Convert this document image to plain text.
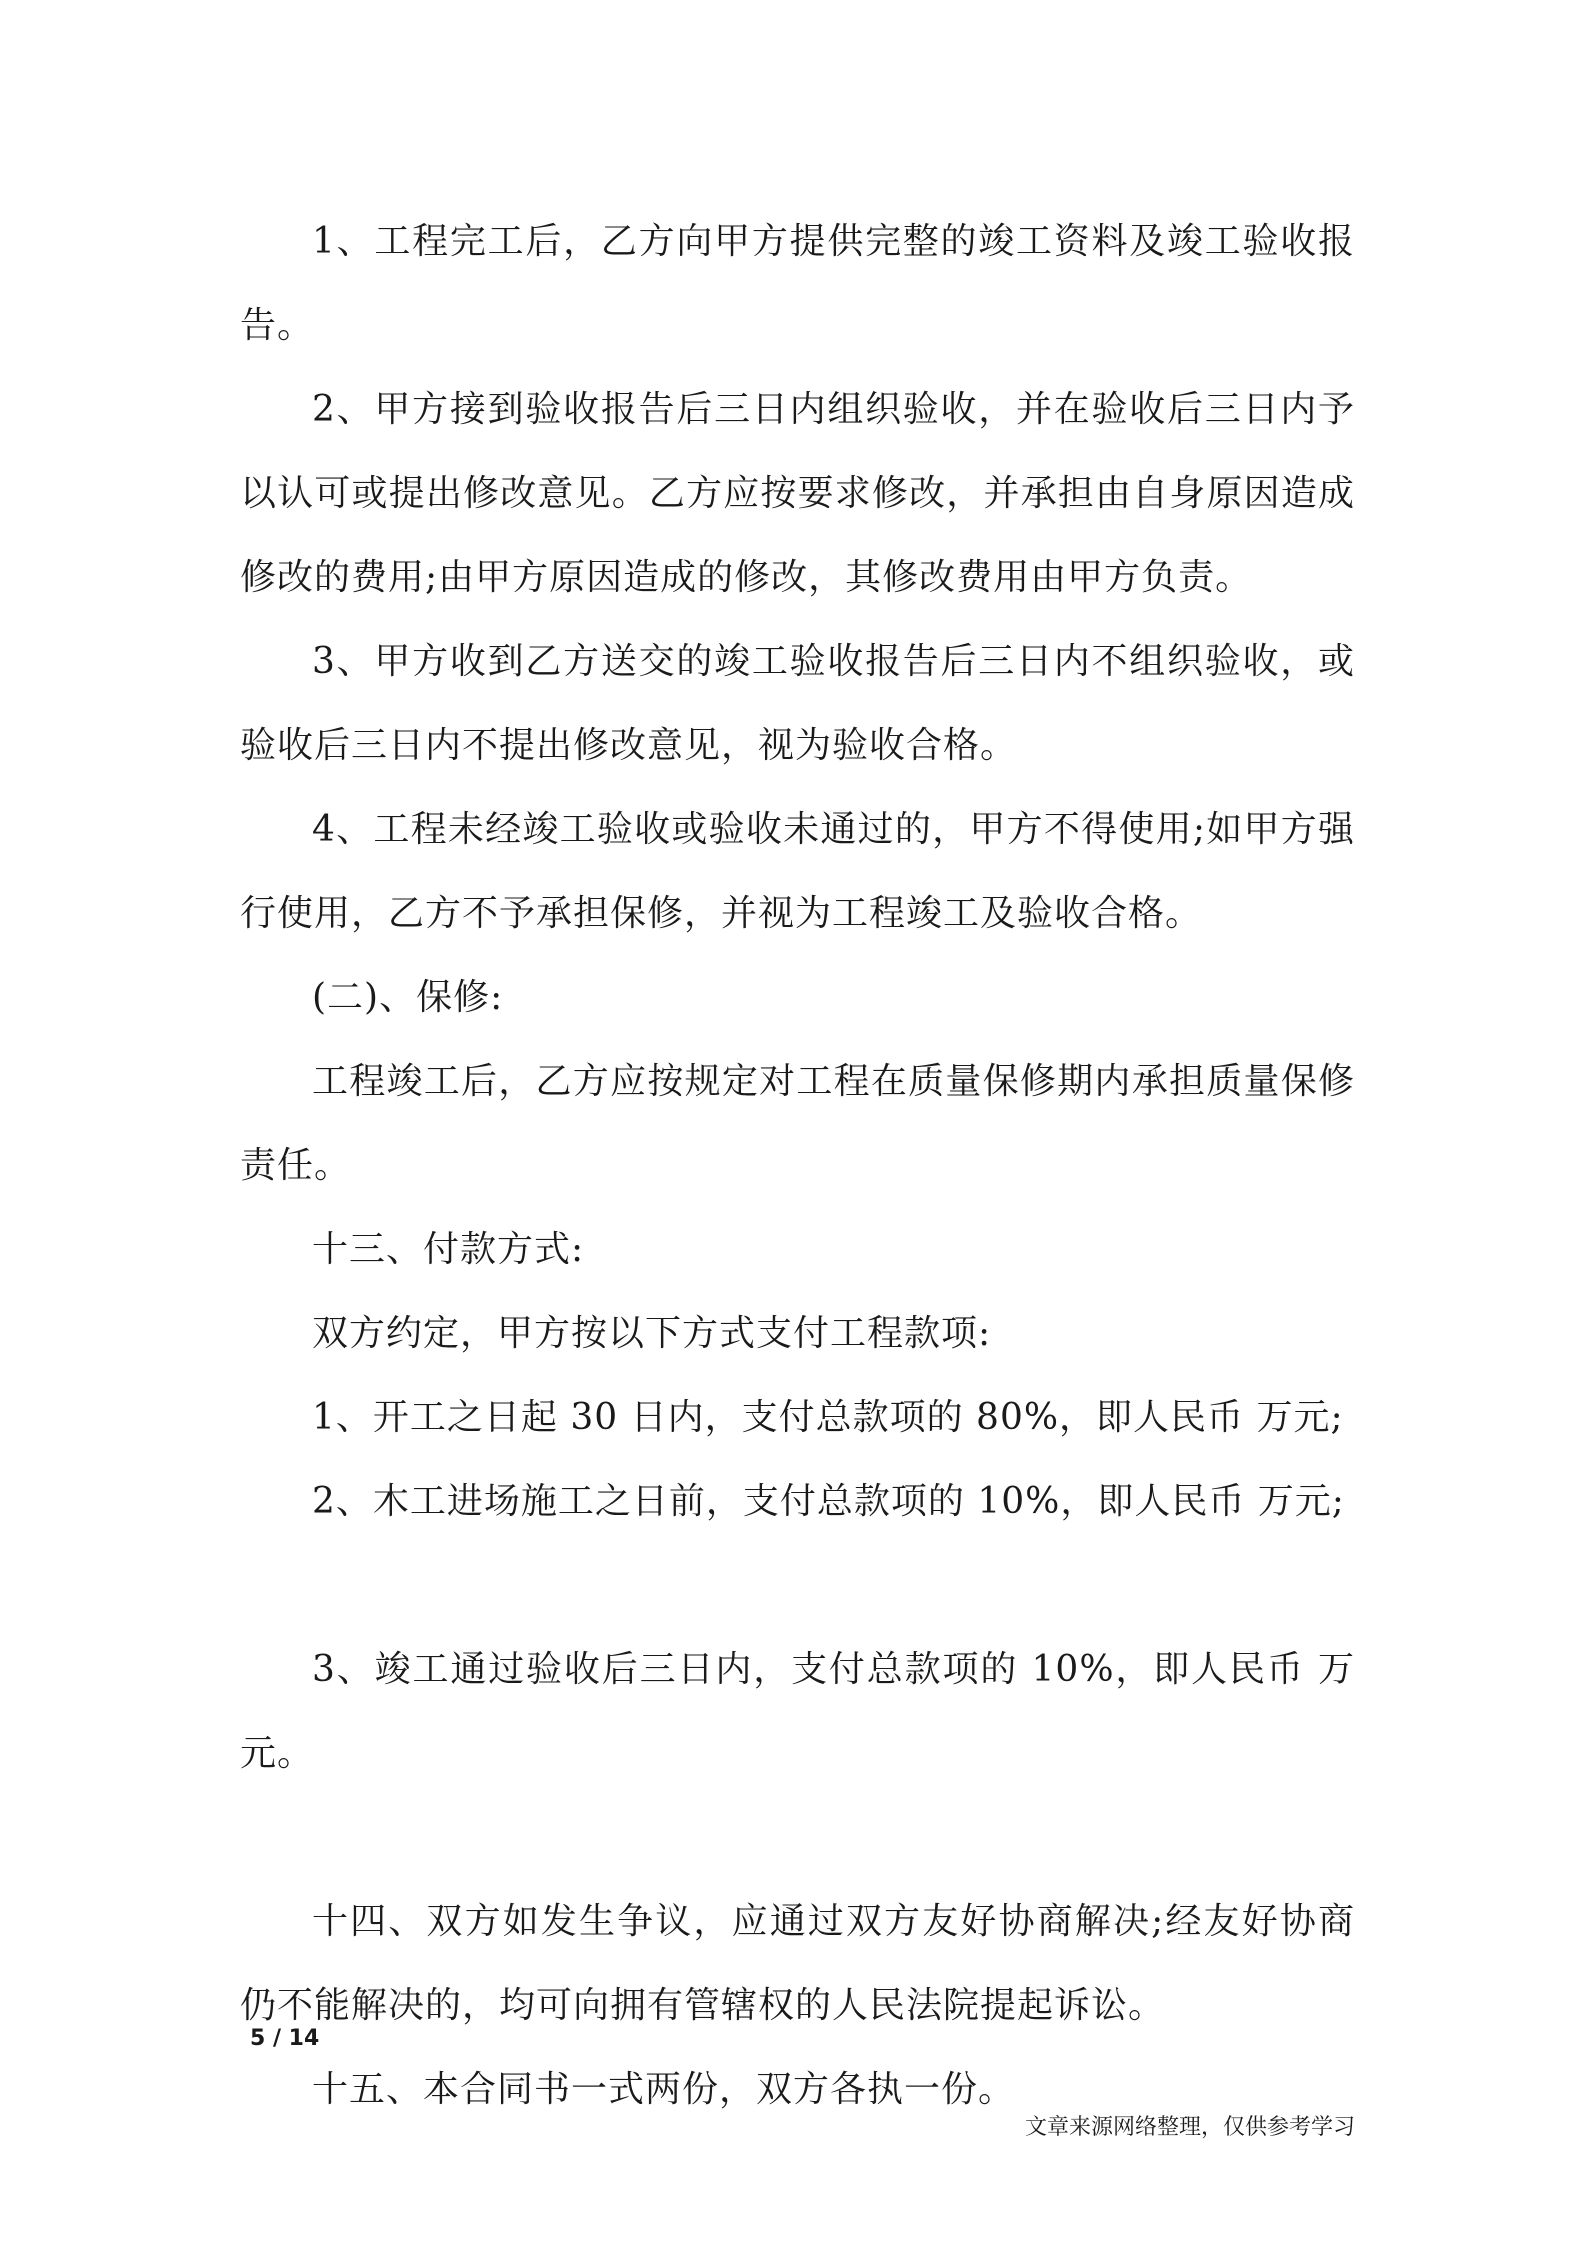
1、工程完工后，乙方向甲方提供完整的竣工资料及竣工验收报告。

2、甲方接到验收报告后三日内组织验收，并在验收后三日内予以认可或提出修改意见。乙方应按要求修改，并承担由自身原因造成修改的费用;由甲方原因造成的修改，其修改费用由甲方负责。

3、甲方收到乙方送交的竣工验收报告后三日内不组织验收，或验收后三日内不提出修改意见，视为验收合格。

4、工程未经竣工验收或验收未通过的，甲方不得使用;如甲方强行使用，乙方不予承担保修，并视为工程竣工及验收合格。

(二)、保修:

工程竣工后，乙方应按规定对工程在质量保修期内承担质量保修责任。

十三、付款方式:

双方约定，甲方按以下方式支付工程款项:

1、开工之日起 30 日内，支付总款项的 80%，即人民币 万元;

2、木工进场施工之日前，支付总款项的 10%，即人民币 万元;

3、竣工通过验收后三日内，支付总款项的 10%，即人民币 万元。

十四、双方如发生争议，应通过双方友好协商解决;经友好协商仍不能解决的，均可向拥有管辖权的人民法院提起诉讼。

十五、本合同书一式两份，双方各执一份。

5 / 14
文章来源网络整理，仅供参考学习
